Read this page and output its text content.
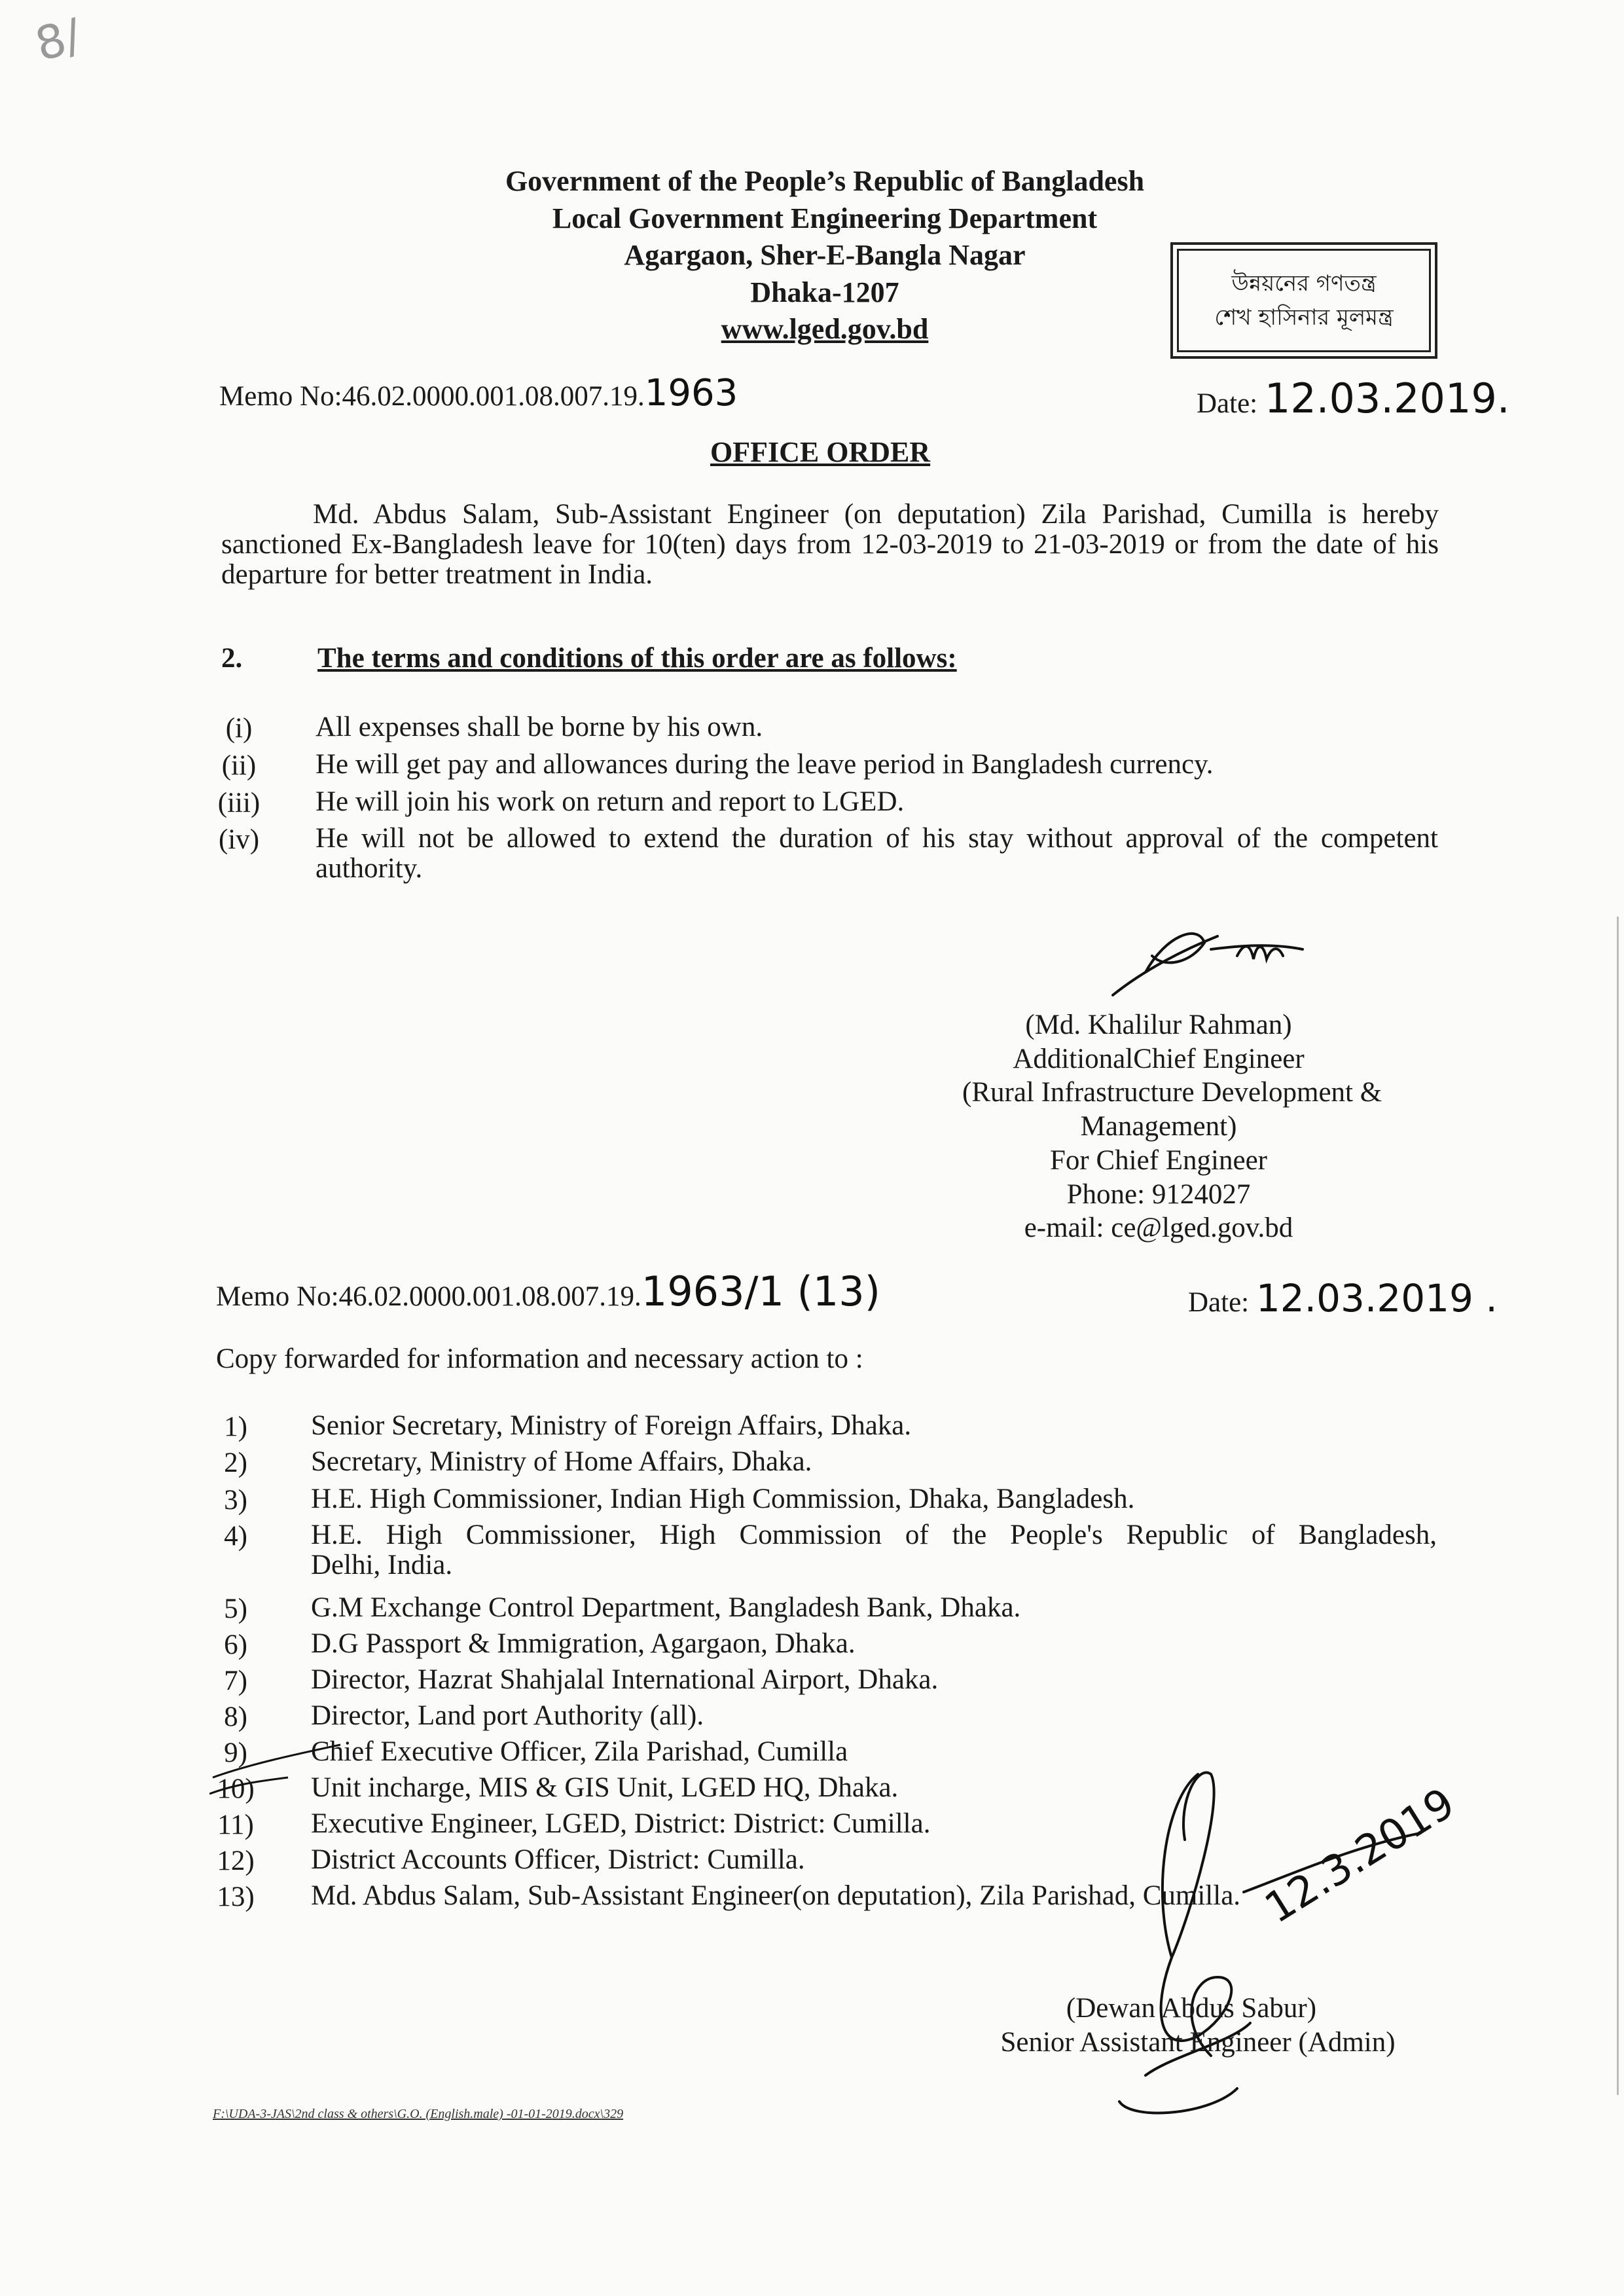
8/
Government of the People’s Republic of Bangladesh
Local Government Engineering Department
Agargaon, Sher-E-Bangla Nagar
Dhaka-1207
www.lged.gov.bd
উন্নয়নের গণতন্ত্র
শেখ হাসিনার মূলমন্ত্র
Memo No:46.02.0000.001.08.007.19.1963	Date: 12.03.2019.
OFFICE ORDER
Md. Abdus Salam, Sub-Assistant Engineer (on deputation) Zila Parishad, Cumilla is hereby sanctioned Ex-Bangladesh leave for 10(ten) days from 12-03-2019 to 21-03-2019 or from the date of his departure for better treatment in India.
2.	The terms and conditions of this order are as follows:
(i)	All expenses shall be borne by his own.
(ii)	He will get pay and allowances during the leave period in Bangladesh currency.
(iii)	He will join his work on return and report to LGED.
(iv)	He will not be allowed to extend the duration of his stay without approval of the competent authority.
(Md. Khalilur Rahman)
AdditionalChief Engineer
(Rural Infrastructure Development &
Management)
For Chief Engineer
Phone: 9124027
e-mail: ce@lged.gov.bd
Memo No:46.02.0000.001.08.007.19.1963/1 (13)	Date: 12.03.2019 .
Copy forwarded for information and necessary action to :
1)	Senior Secretary, Ministry of Foreign Affairs, Dhaka.
2)	Secretary, Ministry of Home Affairs, Dhaka.
3)	H.E. High Commissioner, Indian High Commission, Dhaka, Bangladesh.
4)	H.E. High Commissioner, High Commission of the People's Republic of Bangladesh,
Delhi, India.
5)	G.M Exchange Control Department, Bangladesh Bank, Dhaka.
6)	D.G Passport & Immigration, Agargaon, Dhaka.
7)	Director, Hazrat Shahjalal International Airport, Dhaka.
8)	Director, Land port Authority (all).
9)	Chief Executive Officer, Zila Parishad, Cumilla
10)	Unit incharge, MIS & GIS Unit, LGED HQ, Dhaka.
11)	Executive Engineer, LGED, District: District: Cumilla.
12)	District Accounts Officer, District: Cumilla.
13)	Md. Abdus Salam, Sub-Assistant Engineer(on deputation), Zila Parishad, Cumilla. 12.3.2019
(Dewan Abdus Sabur)
Senior Assistant Engineer (Admin)
F:\UDA-3-JAS\2nd class & others\G.O. (English.male) -01-01-2019.docx\329
